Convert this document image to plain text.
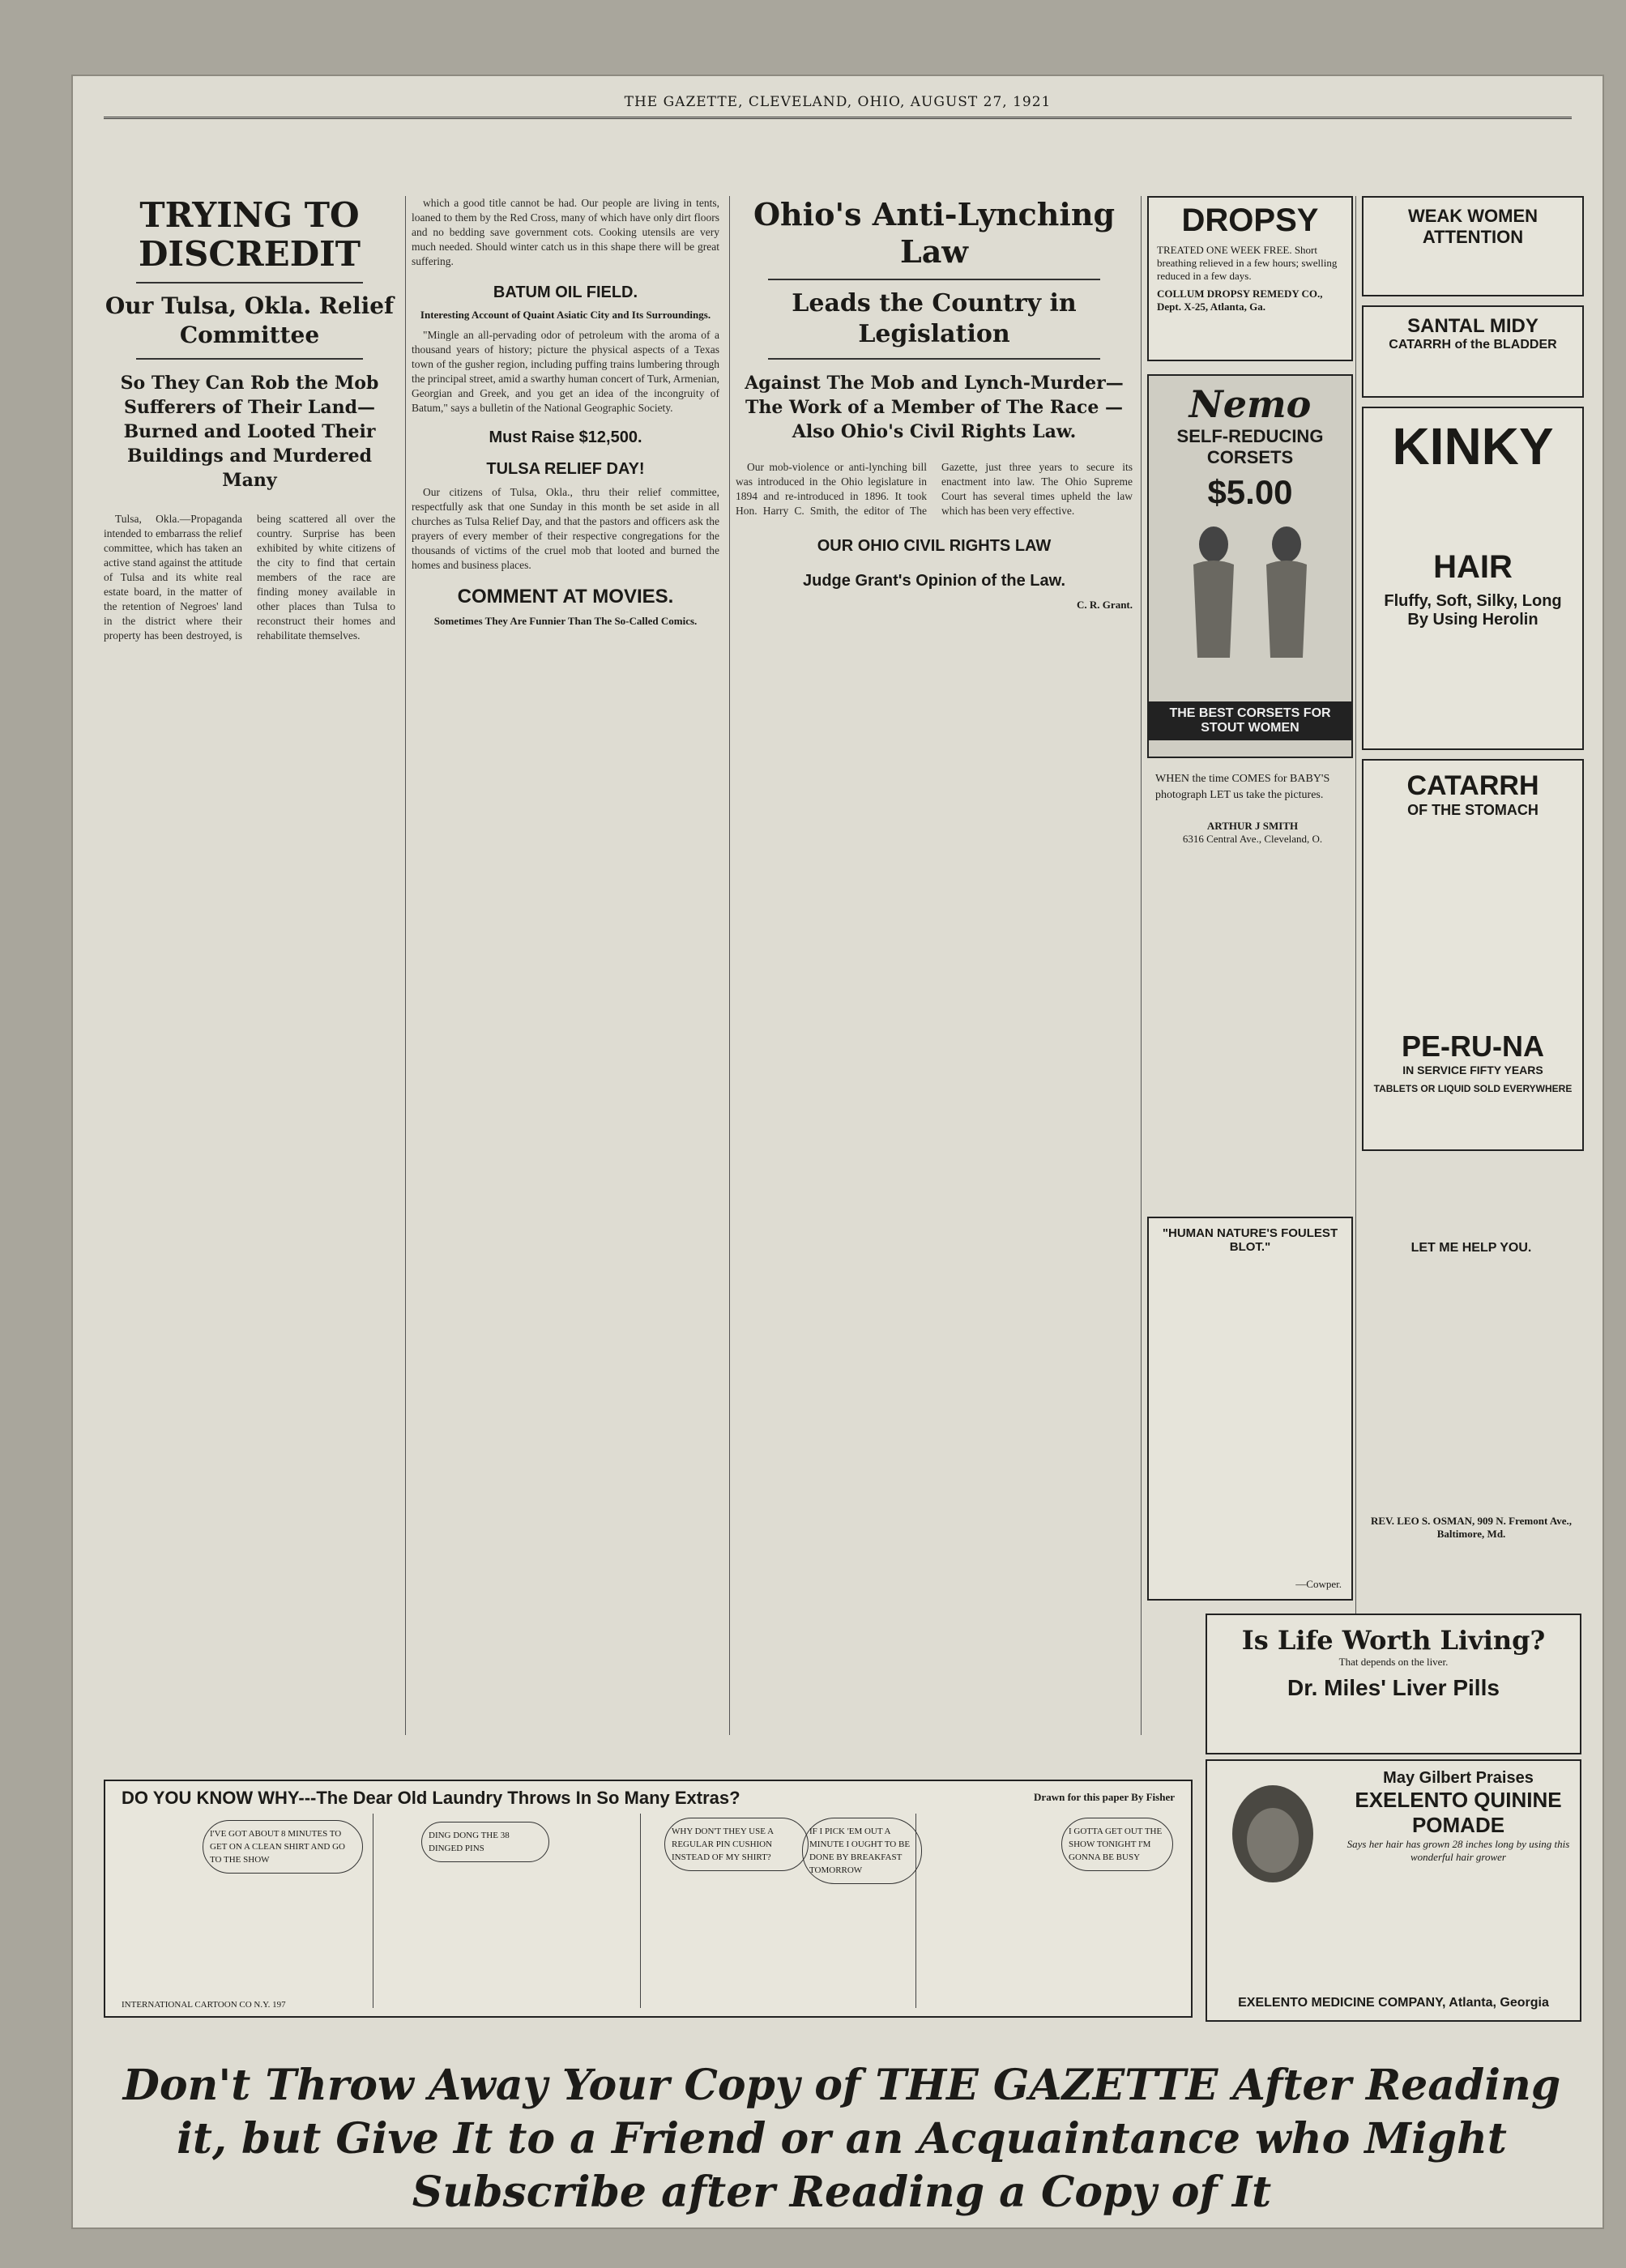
THE GAZETTE, CLEVELAND, OHIO, AUGUST 27, 1921
TRYING TO DISCREDIT
Our Tulsa, Okla. Relief Committee
So They Can Rob the Mob Sufferers of Their Land—Burned and Looted Their Buildings and Murdered Many

Tulsa, Okla.—Propaganda intended to embarrass the relief committee, which has taken an active stand against the attitude of Tulsa and its white real estate board, in the matter of the retention of Negroes' land in the district where their property has been destroyed, is being scattered all over the country. Surprise has been exhibited by white citizens of the city to find that certain members of the race are finding money available in other places than Tulsa to reconstruct their homes and rehabilitate themselves.

which a good title cannot be had. Our people are living in tents, loaned to them by the Red Cross, many of which have only dirt floors and no bedding save government cots. Cooking utensils are very much needed. Should winter catch us in this shape there will be great suffering.

BATUM OIL FIELD.
Interesting Account of Quaint Asiatic City and Its Surroundings.

"Mingle an all-pervading odor of petroleum with the aroma of a thousand years of history; picture the physical aspects of a Texas town of the gusher region, including puffing trains lumbering through the principal street, amid a swarthy human concert of Turk, Armenian, Georgian and Greek, and you get an idea of the incongruity of Batum," says a bulletin of the National Geographic Society.

Must Raise $12,500.
TULSA RELIEF DAY!

Our citizens of Tulsa, Okla., thru their relief committee, respectfully ask that one Sunday in this month be set aside in all churches as Tulsa Relief Day, and that the pastors and officers ask the prayers of every member of their respective congregations for the thousands of victims of the cruel mob that looted and burned the homes and business places.

COMMENT AT MOVIES.
Sometimes They Are Funnier Than The So-Called Comics.
Ohio's Anti-Lynching Law
Leads the Country in Legislation
Against The Mob and Lynch-Murder—The Work of a Member of The Race —Also Ohio's Civil Rights Law.

Our mob-violence or anti-lynching bill was introduced in the Ohio legislature in 1894 and re-introduced in 1896. It took Hon. Harry C. Smith, the editor of The Gazette, just three years to secure its enactment into law. The Ohio Supreme Court has several times upheld the law which has been very effective.

OUR OHIO CIVIL RIGHTS LAW
Judge Grant's Opinion of the Law.
C. R. Grant.
DROPSY
TREATED ONE WEEK FREE. Short breathing relieved in a few hours; swelling reduced in a few days.
COLLUM DROPSY REMEDY CO., Dept. X-25, Atlanta, Ga.
Nemo
SELF-REDUCING CORSETS
$5.00
THE BEST CORSETS FOR STOUT WOMEN
WHEN the time COMES for BABY'S photograph LET us take the pictures.
ARTHUR J SMITH
6316 Central Ave., Cleveland, O.
"HUMAN NATURE'S FOULEST BLOT."
—Cowper.
WEAK WOMEN ATTENTION
SANTAL MIDY
CATARRH of the BLADDER
KINKY
HAIR
Fluffy, Soft, Silky, Long By Using Herolin
CATARRH
OF THE STOMACH
PE-RU-NA
IN SERVICE FIFTY YEARS
TABLETS OR LIQUID SOLD EVERYWHERE
LET ME HELP YOU.
REV. LEO S. OSMAN, 909 N. Fremont Ave., Baltimore, Md.
Is Life Worth Living?
That depends on the liver.
Dr. Miles' Liver Pills
May Gilbert Praises
EXELENTO QUININE POMADE
Says her hair has grown 28 inches long by using this wonderful hair grower
EXELENTO MEDICINE COMPANY, Atlanta, Georgia
DO YOU KNOW WHY---The Dear Old Laundry Throws In So Many Extras?	Drawn for this paper By Fisher
I'VE GOT ABOUT 8 MINUTES TO GET ON A CLEAN SHIRT AND GO TO THE SHOW
DING DONG THE 38 DINGED PINS
WHY DON'T THEY USE A REGULAR PIN CUSHION INSTEAD OF MY SHIRT?
IF I PICK 'EM OUT A MINUTE I OUGHT TO BE DONE BY BREAKFAST TOMORROW
I GOTTA GET OUT THE SHOW TONIGHT I'M GONNA BE BUSY
INTERNATIONAL CARTOON CO N.Y. 197
Don't Throw Away Your Copy of THE GAZETTE After Reading it, but Give It to a Friend or an Acquaintance who Might Subscribe after Reading a Copy of It
